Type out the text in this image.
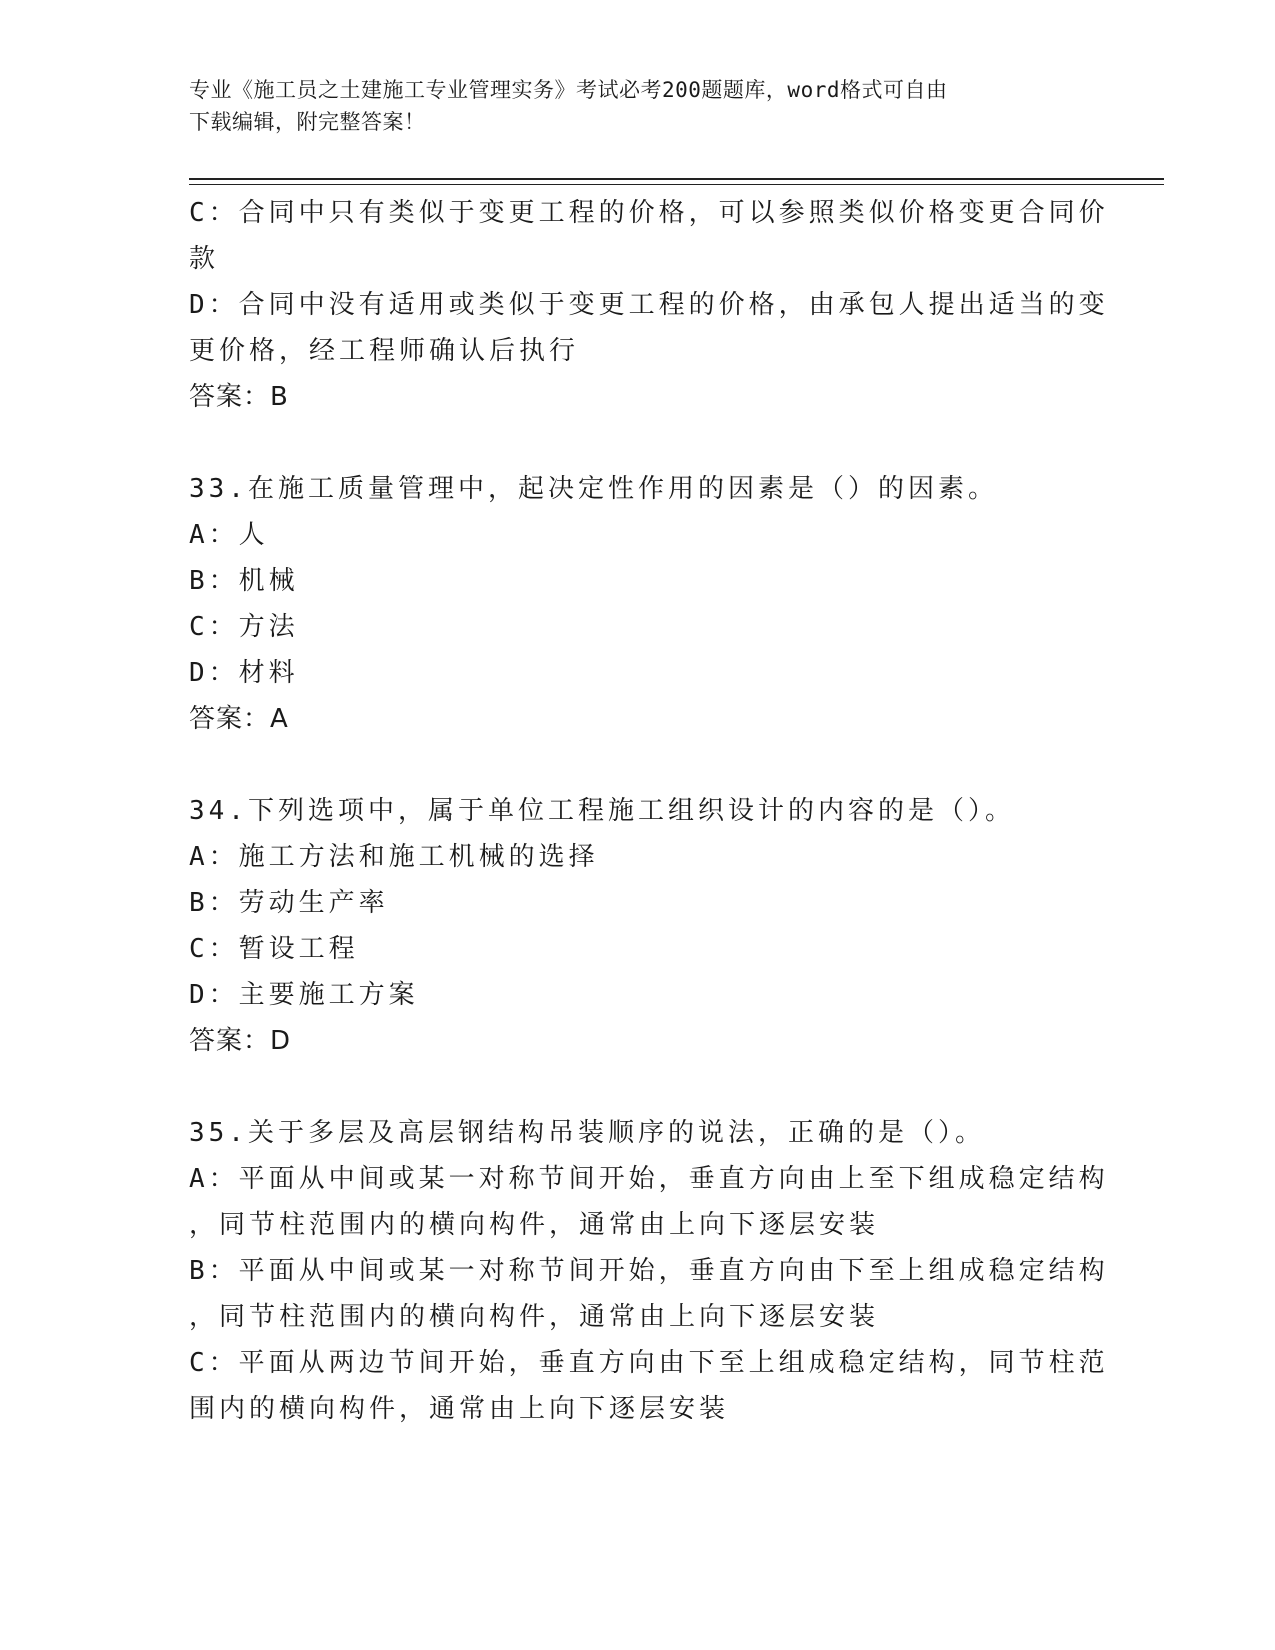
专业《施工员之土建施工专业管理实务》考试必考200题题库，word格式可自由
下载编辑，附完整答案！
C：合同中只有类似于变更工程的价格，可以参照类似价格变更合同价
款
D：合同中没有适用或类似于变更工程的价格，由承包人提出适当的变
更价格，经工程师确认后执行
答案：B
33.在施工质量管理中，起决定性作用的因素是（）的因素。
A：人
B：机械
C：方法
D：材料
答案：A
34.下列选项中，属于单位工程施工组织设计的内容的是（）。
A：施工方法和施工机械的选择
B：劳动生产率
C：暂设工程
D：主要施工方案
答案：D
35.关于多层及高层钢结构吊装顺序的说法，正确的是（）。
A：平面从中间或某一对称节间开始，垂直方向由上至下组成稳定结构
，同节柱范围内的横向构件，通常由上向下逐层安装
B：平面从中间或某一对称节间开始，垂直方向由下至上组成稳定结构
，同节柱范围内的横向构件，通常由上向下逐层安装
C：平面从两边节间开始，垂直方向由下至上组成稳定结构，同节柱范
围内的横向构件，通常由上向下逐层安装
